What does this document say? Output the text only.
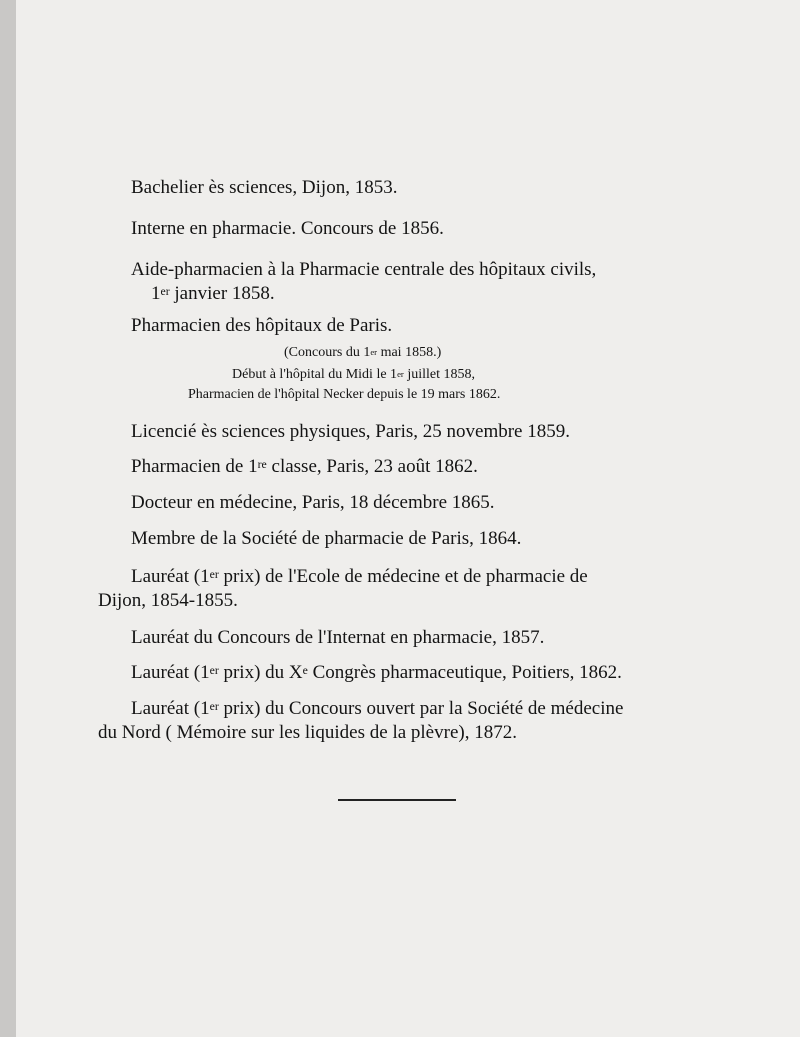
Bachelier ès sciences, Dijon, 1853.
Interne en pharmacie. Concours de 1856.
Aide-pharmacien à la Pharmacie centrale des hôpitaux civils,
1er janvier 1858.
Pharmacien des hôpitaux de Paris.
(Concours du 1er mai 1858.)
Début à l'hôpital du Midi le 1er juillet 1858,
Pharmacien de l'hôpital Necker depuis le 19 mars 1862.
Licencié ès sciences physiques, Paris, 25 novembre 1859.
Pharmacien de 1re classe, Paris, 23 août 1862.
Docteur en médecine, Paris, 18 décembre 1865.
Membre de la Société de pharmacie de Paris, 1864.
Lauréat (1er prix) de l'Ecole de médecine et de pharmacie de
Dijon, 1854-1855.
Lauréat du Concours de l'Internat en pharmacie, 1857.
Lauréat (1er prix) du Xe Congrès pharmaceutique, Poitiers, 1862.
Lauréat (1er prix) du Concours ouvert par la Société de médecine
du Nord ( Mémoire sur les liquides de la plèvre), 1872.
